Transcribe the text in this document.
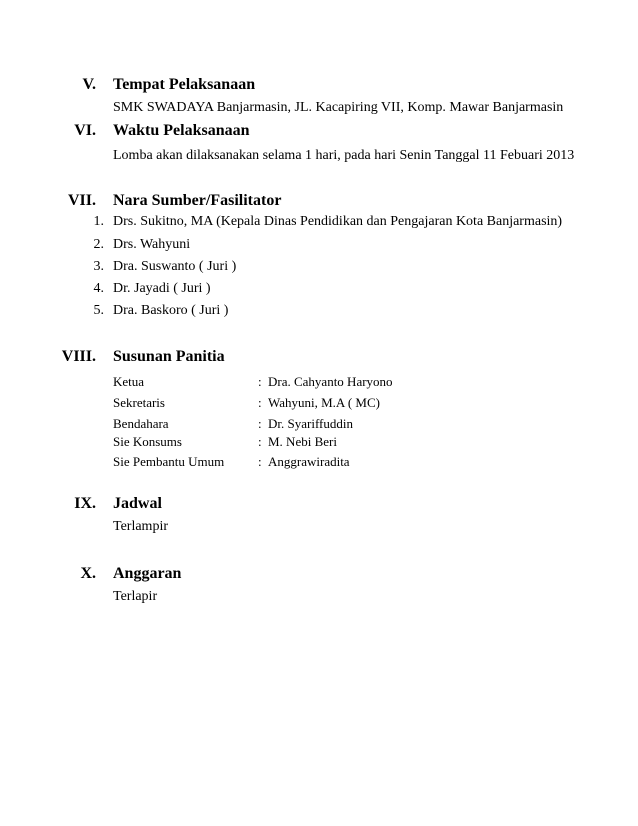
V. Tempat Pelaksanaan
SMK SWADAYA Banjarmasin, JL. Kacapiring VII, Komp. Mawar Banjarmasin
VI. Waktu Pelaksanaan
Lomba akan dilaksanakan selama 1 hari, pada hari Senin Tanggal 11 Febuari 2013
VII. Nara Sumber/Fasilitator
1. Drs. Sukitno, MA (Kepala Dinas Pendidikan dan Pengajaran Kota Banjarmasin)
2. Drs. Wahyuni
3. Dra. Suswanto ( Juri )
4. Dr. Jayadi ( Juri )
5. Dra. Baskoro ( Juri )
VIII. Susunan Panitia
Ketua	: Dra. Cahyanto Haryono
Sekretaris	: Wahyuni, M.A ( MC)
Bendahara	: Dr. Syariffuddin
Sie Konsums	: M. Nebi Beri
Sie Pembantu Umum	: Anggrawiradita
IX. Jadwal
Terlampir
X. Anggaran
Terlapir
